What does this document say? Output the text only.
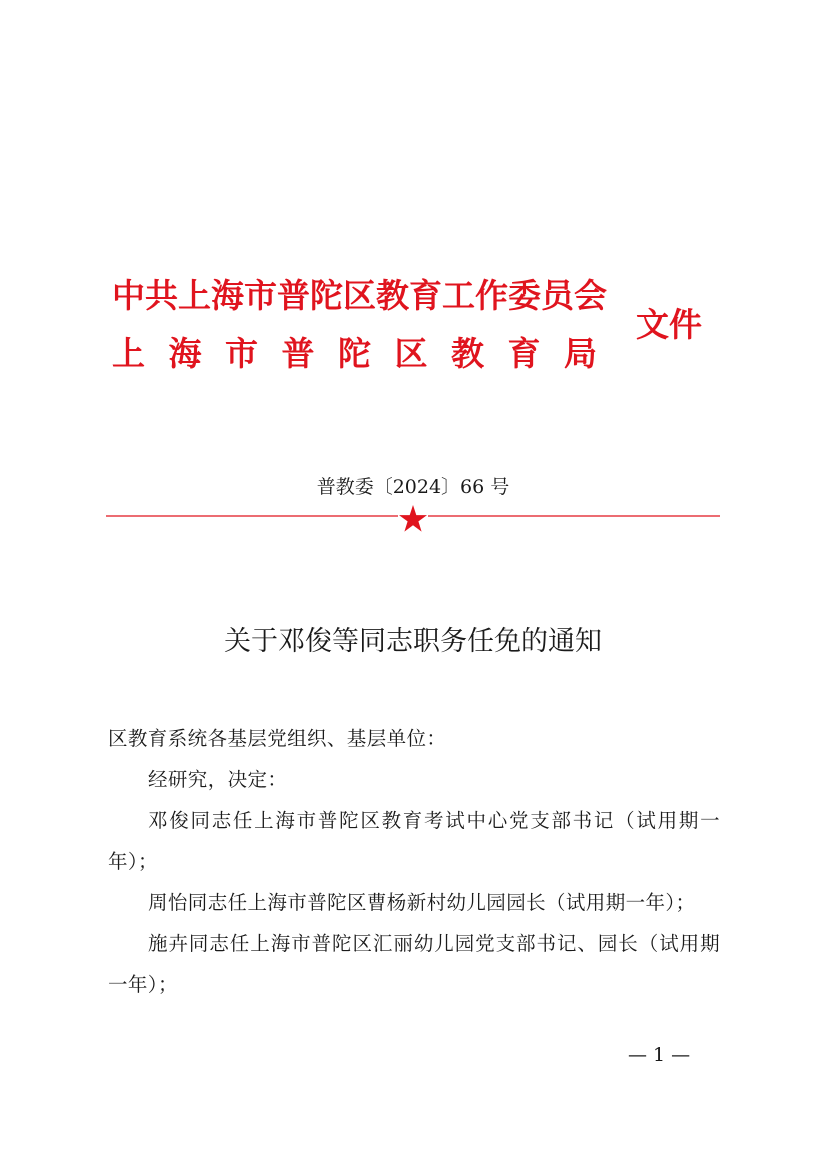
中共上海市普陀区教育工作委员会
上海市普陀区教育局
文件
普教委〔2024〕66 号
关于邓俊等同志职务任免的通知

区教育系统各基层党组织、基层单位：

经研究，决定：

邓俊同志任上海市普陀区教育考试中心党支部书记（试用期一年）；

周怡同志任上海市普陀区曹杨新村幼儿园园长（试用期一年）；

施卉同志任上海市普陀区汇丽幼儿园党支部书记、园长（试用期一年）；

— 1 —
